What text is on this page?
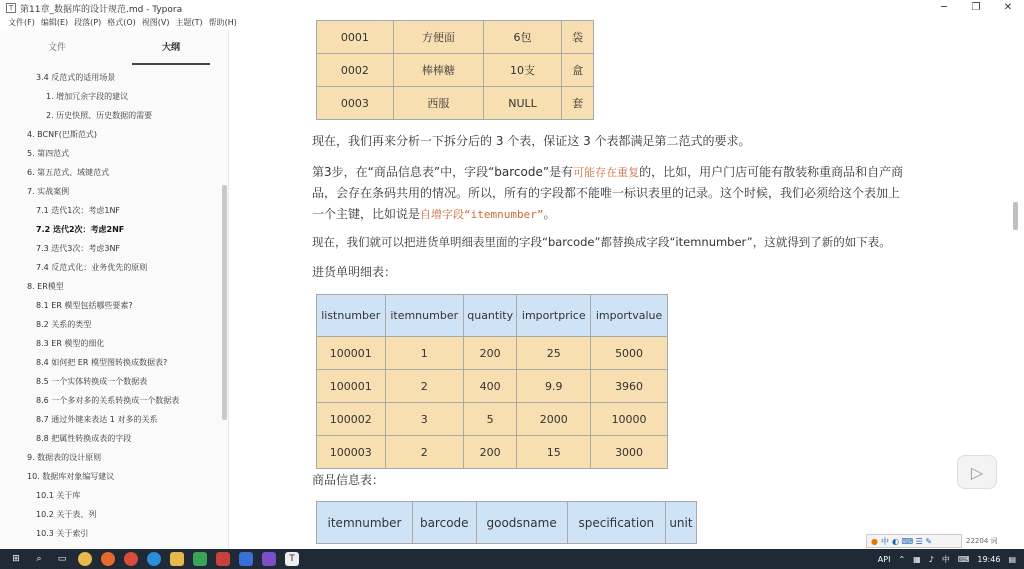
T 第11章_数据库的设计规范.md - Typora	─	❐	✕
文件(F) 编辑(E) 段落(P) 格式(O) 视图(V) 主题(T) 帮助(H)
文件	大纲
3.4 反范式的适用场景
1. 增加冗余字段的建议
2. 历史快照、历史数据的需要
4. BCNF(巴斯范式)
5. 第四范式
6. 第五范式、域键范式
7. 实战案例
7.1 迭代1次：考虑1NF
7.2 迭代2次：考虑2NF
7.3 迭代3次：考虑3NF
7.4 反范式化：业务优先的原则
8. ER模型
8.1 ER 模型包括哪些要素?
8.2 关系的类型
8.3 ER 模型的细化
8.4 如何把 ER 模型图转换成数据表?
8.5 一个实体转换成一个数据表
8.6 一个多对多的关系转换成一个数据表
8.7 通过外键来表达 1 对多的关系
8.8 把属性转换成表的字段
9. 数据表的设计原则
10. 数据库对象编写建议
10.1 关于库
10.2 关于表、列
10.3 关于索引
0001	方便面	6包	袋
0002	棒棒糖	10支	盒
0003	西服	NULL	套
现在，我们再来分析一下拆分后的 3 个表，保证这 3 个表都满足第二范式的要求。
第3步，在“商品信息表”中，字段“barcode”是有可能存在重复的，比如，用户门店可能有散装称重商品和自产商
品，会存在条码共用的情况。所以，所有的字段都不能唯一标识表里的记录。这个时候，我们必须给这个表加上
一个主键，比如说是自增字段“itemnumber”。
现在，我们就可以把进货单明细表里面的字段“barcode”都替换成字段“itemnumber”，这就得到了新的如下表。
进货单明细表：
listnumber	itemnumber	quantity	importprice	importvalue
100001	1	200	25	5000
100001	2	400	9.9	3960
100002	3	5	2000	10000
100003	2	200	15	3000
商品信息表：
itemnumber	barcode	goodsname	specification	unit
▷
● 中 ◐ ⌨ ☰ ✎	22204 词
⊞	⌕	▭	T	API ⌃ ▦ ♪ 中 ⌨ 19:46 ▤
